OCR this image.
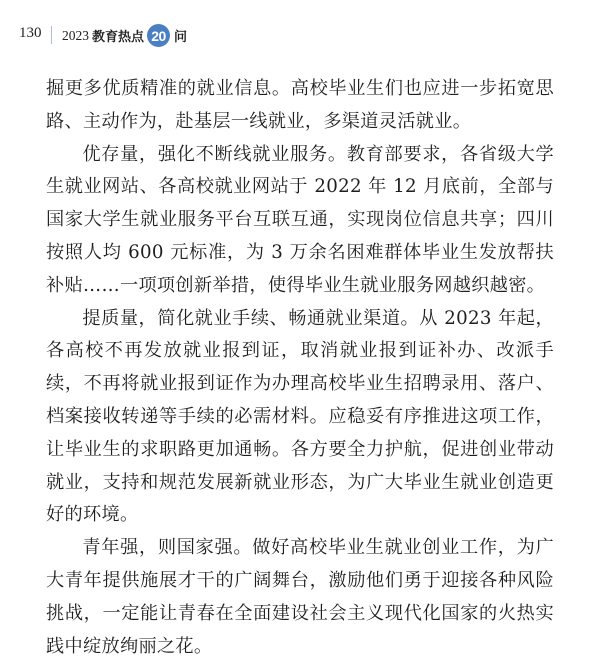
130 2023 教育热点 20 问

掘更多优质精准的就业信息。高校毕业生们也应进一步拓宽思路、主动作为，赴基层一线就业，多渠道灵活就业。

优存量，强化不断线就业服务。教育部要求，各省级大学生就业网站、各高校就业网站于 2022 年 12 月底前，全部与国家大学生就业服务平台互联互通，实现岗位信息共享；四川按照人均 600 元标准，为 3 万余名困难群体毕业生发放帮扶补贴……一项项创新举措，使得毕业生就业服务网越织越密。

提质量，简化就业手续、畅通就业渠道。从 2023 年起，各高校不再发放就业报到证，取消就业报到证补办、改派手续，不再将就业报到证作为办理高校毕业生招聘录用、落户、档案接收转递等手续的必需材料。应稳妥有序推进这项工作，让毕业生的求职路更加通畅。各方要全力护航，促进创业带动就业，支持和规范发展新就业形态，为广大毕业生就业创造更好的环境。

青年强，则国家强。做好高校毕业生就业创业工作，为广大青年提供施展才干的广阔舞台，激励他们勇于迎接各种风险挑战，一定能让青春在全面建设社会主义现代化国家的火热实践中绽放绚丽之花。
